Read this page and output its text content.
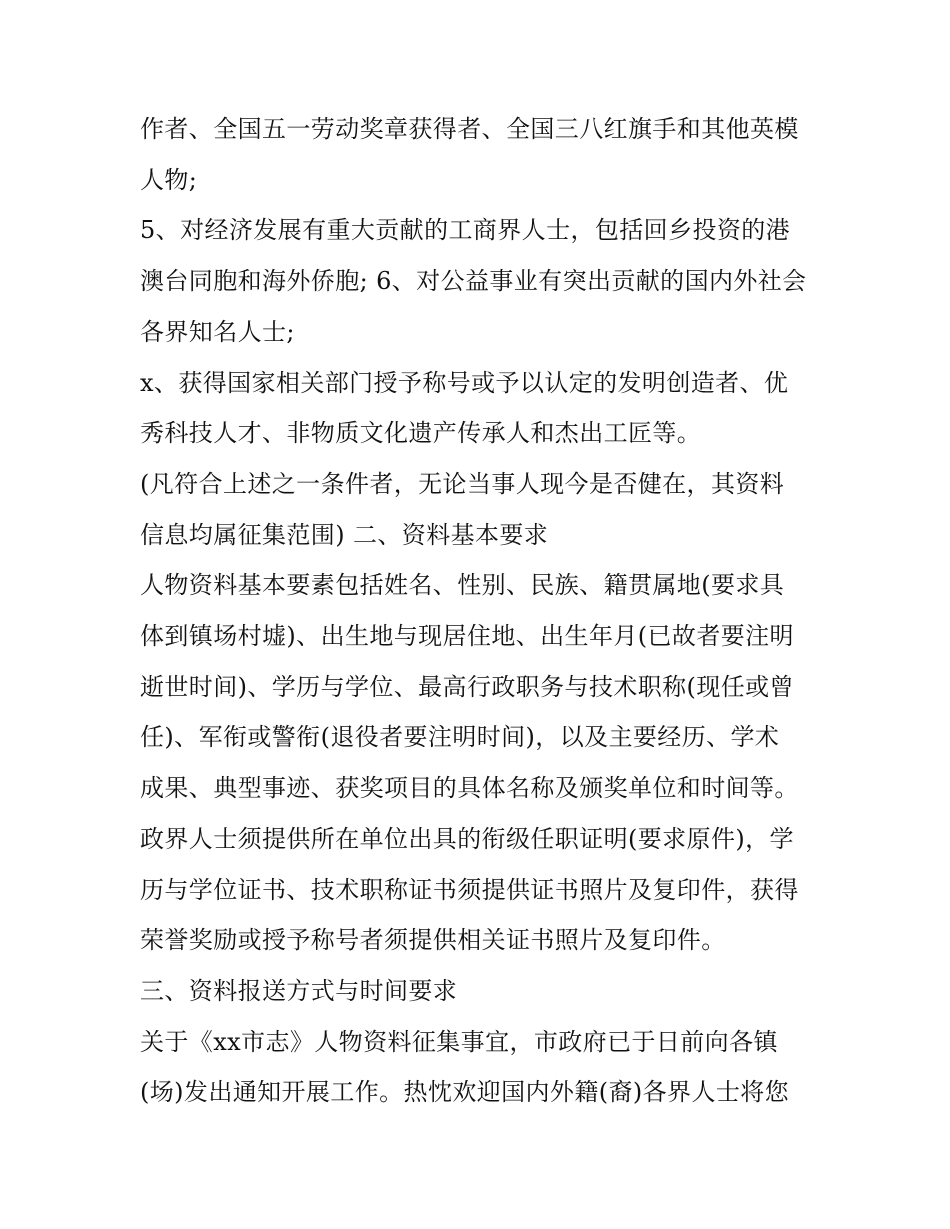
作者、全国五一劳动奖章获得者、全国三八红旗手和其他英模
人物;
5、对经济发展有重大贡献的工商界人士，包括回乡投资的港
澳台同胞和海外侨胞; 6、对公益事业有突出贡献的国内外社会
各界知名人士;
x、获得国家相关部门授予称号或予以认定的发明创造者、优
秀科技人才、非物质文化遗产传承人和杰出工匠等。
(凡符合上述之一条件者，无论当事人现今是否健在，其资料
信息均属征集范围) 二、资料基本要求
人物资料基本要素包括姓名、性别、民族、籍贯属地(要求具
体到镇场村墟)、出生地与现居住地、出生年月(已故者要注明
逝世时间)、学历与学位、最高行政职务与技术职称(现任或曾
任)、军衔或警衔(退役者要注明时间)，以及主要经历、学术
成果、典型事迹、获奖项目的具体名称及颁奖单位和时间等。
政界人士须提供所在单位出具的衔级任职证明(要求原件)，学
历与学位证书、技术职称证书须提供证书照片及复印件，获得
荣誉奖励或授予称号者须提供相关证书照片及复印件。
三、资料报送方式与时间要求
关于《xx市志》人物资料征集事宜，市政府已于日前向各镇
(场)发出通知开展工作。热忱欢迎国内外籍(裔)各界人士将您
